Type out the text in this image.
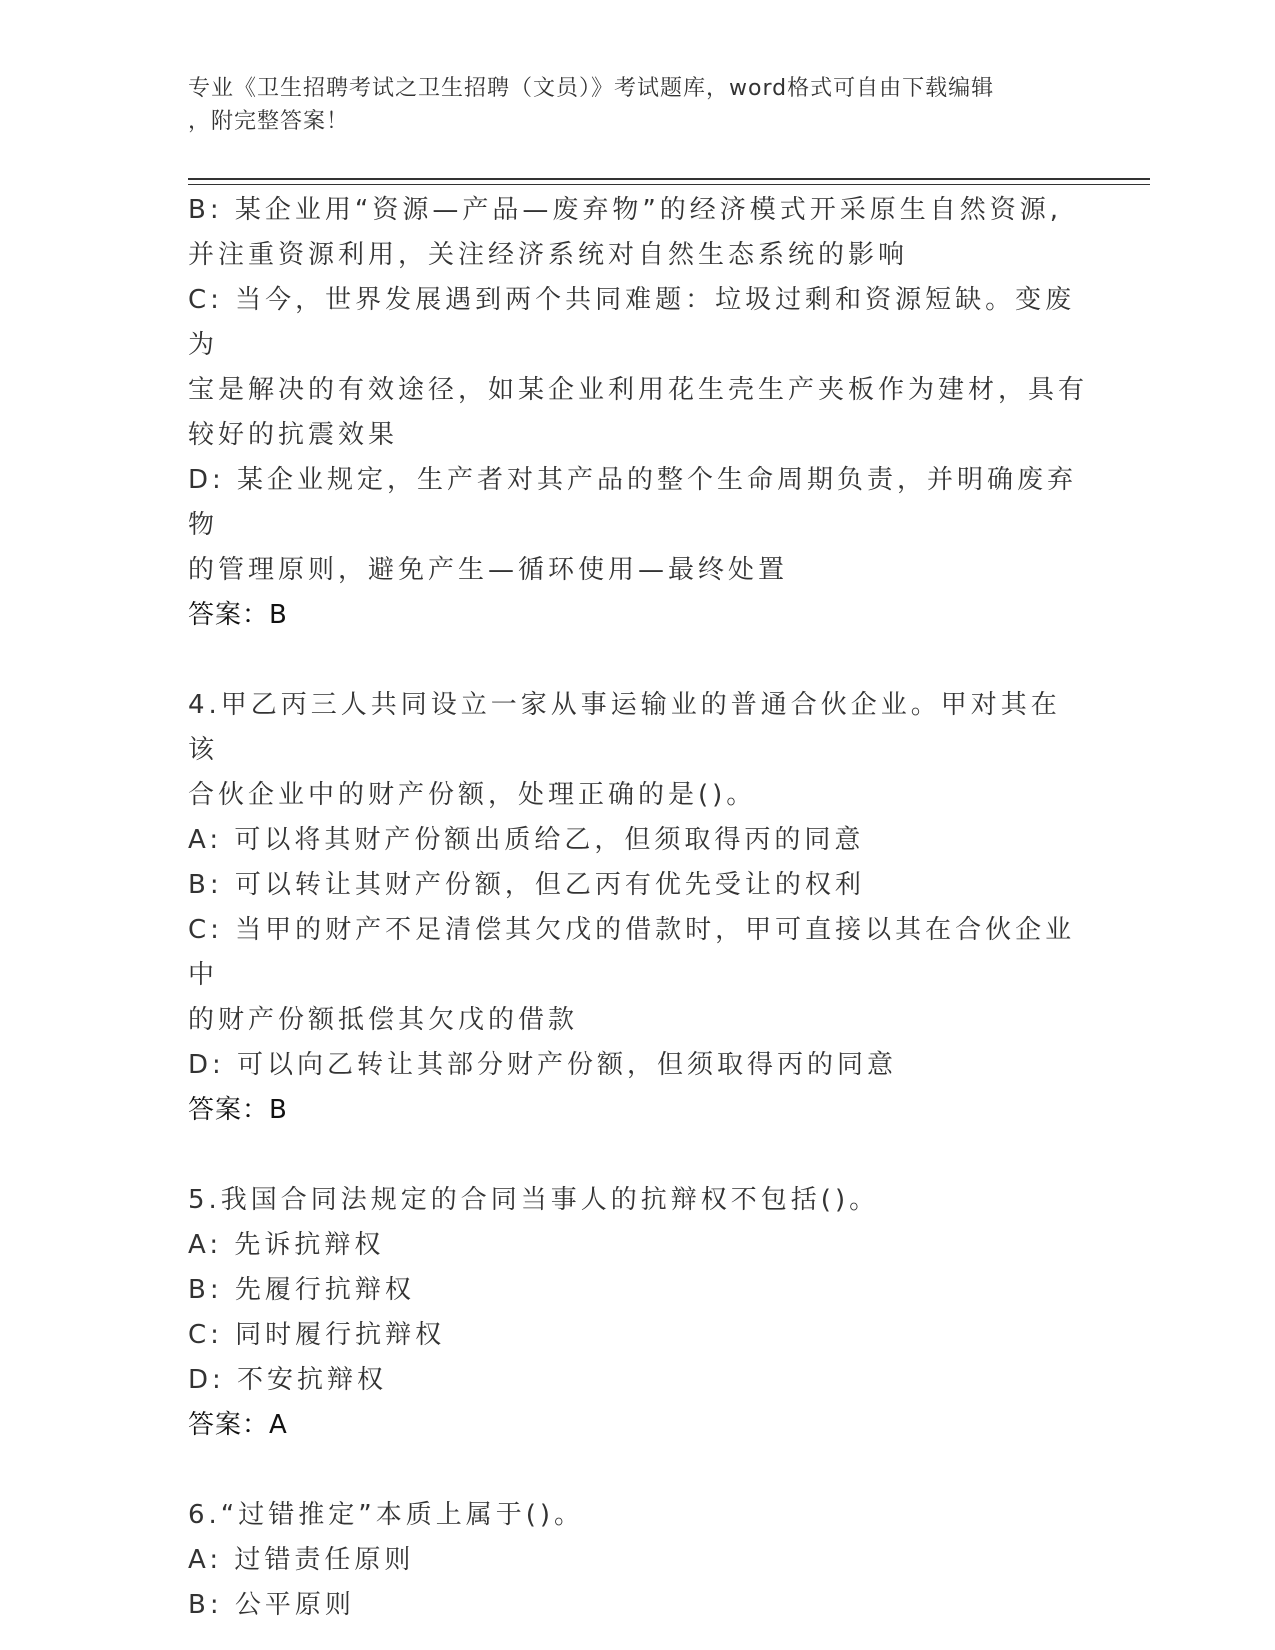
专业《卫生招聘考试之卫生招聘（文员）》考试题库，word格式可自由下载编辑
，附完整答案！
B: 某企业用“资源—产品—废弃物”的经济模式开采原生自然资源,
并注重资源利用，关注经济系统对自然生态系统的影响
C: 当今，世界发展遇到两个共同难题：垃圾过剩和资源短缺。变废为
宝是解决的有效途径，如某企业利用花生壳生产夹板作为建材，具有
较好的抗震效果
D: 某企业规定，生产者对其产品的整个生命周期负责，并明确废弃物
的管理原则，避免产生—循环使用—最终处置
答案：B
4.甲乙丙三人共同设立一家从事运输业的普通合伙企业。甲对其在该
合伙企业中的财产份额，处理正确的是()。
A: 可以将其财产份额出质给乙，但须取得丙的同意
B: 可以转让其财产份额，但乙丙有优先受让的权利
C: 当甲的财产不足清偿其欠戊的借款时，甲可直接以其在合伙企业中
的财产份额抵偿其欠戊的借款
D: 可以向乙转让其部分财产份额，但须取得丙的同意
答案：B
5.我国合同法规定的合同当事人的抗辩权不包括()。
A: 先诉抗辩权
B: 先履行抗辩权
C: 同时履行抗辩权
D: 不安抗辩权
答案：A
6.“过错推定”本质上属于()。
A: 过错责任原则
B: 公平原则
